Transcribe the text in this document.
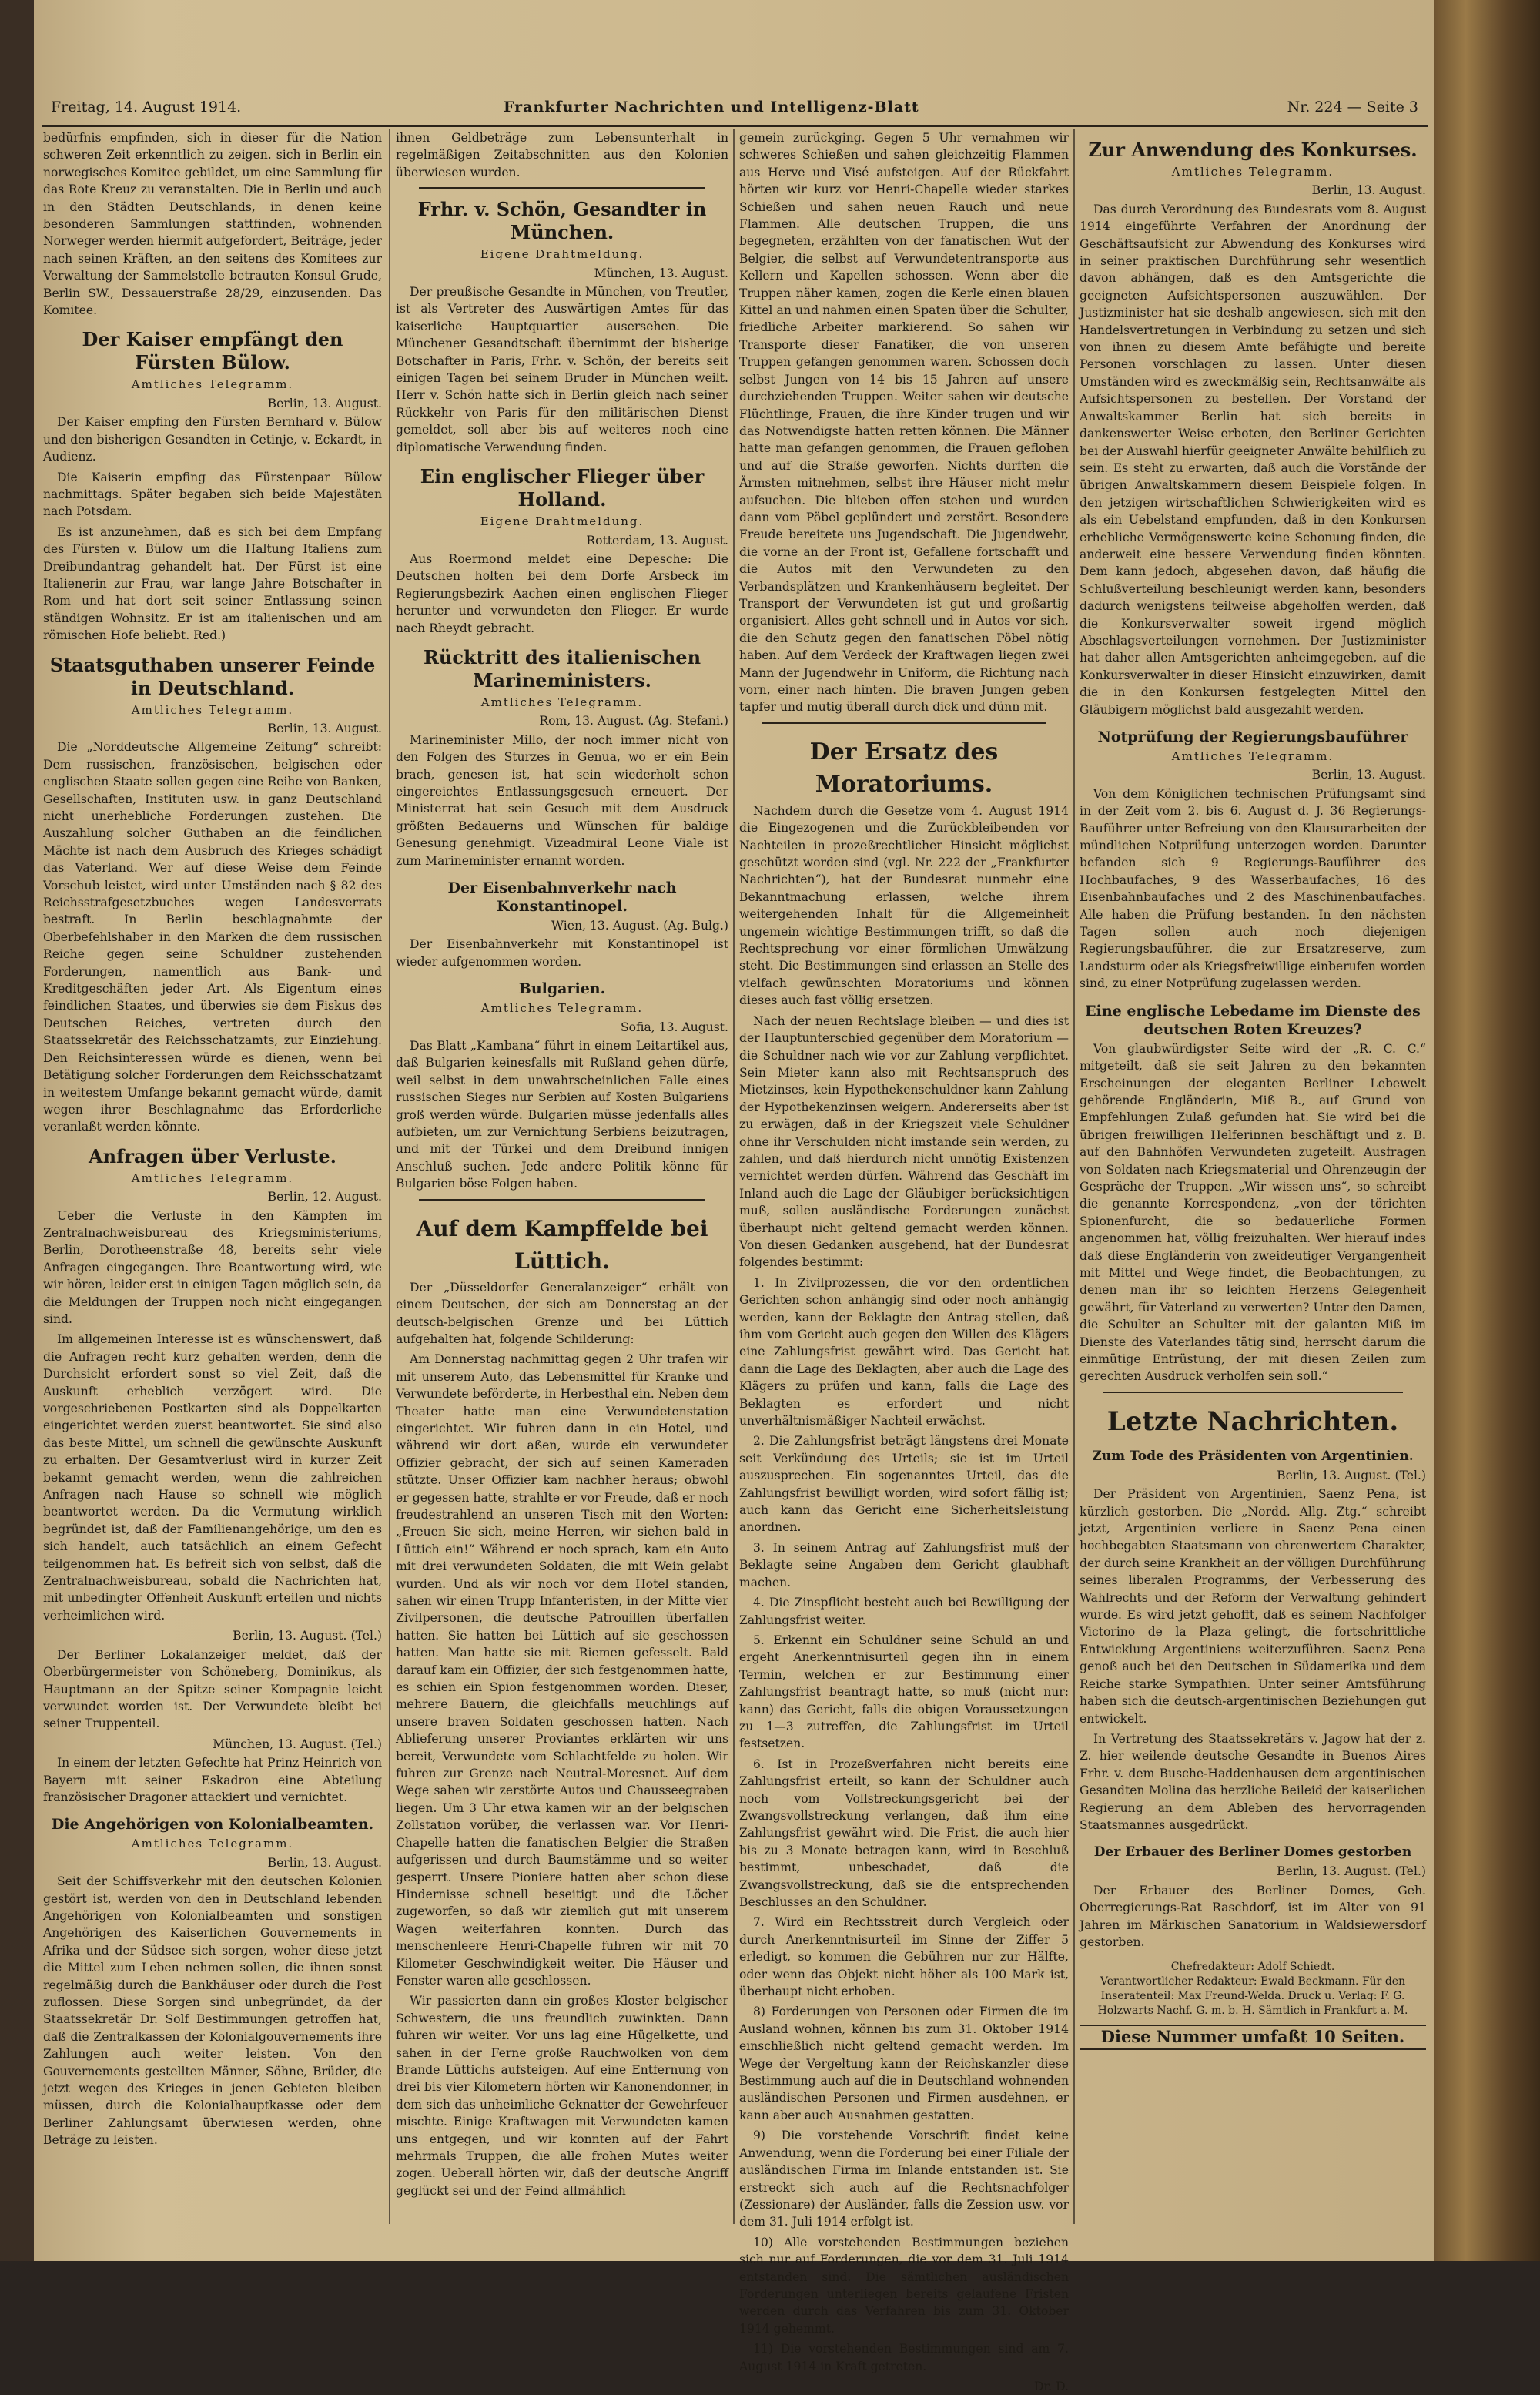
Freitag, 14. August 1914.	Frankfurter Nachrichten und Intelligenz-Blatt	Nr. 224 — Seite 3

bedürfnis empfinden, sich in dieser für die Nation schweren Zeit erkenntlich zu zeigen. sich in Berlin ein norwegisches Komitee gebildet, um eine Sammlung für das Rote Kreuz zu veranstalten. Die in Berlin und auch in den Städten Deutschlands, in denen keine besonderen Sammlungen stattfinden, wohnenden Norweger werden hiermit aufgefordert, Beiträge, jeder nach seinen Kräften, an den seitens des Komitees zur Verwaltung der Sammelstelle betrauten Konsul Grude, Berlin SW., Dessauerstraße 28/29, einzusenden. Das Komitee.

Der Kaiser empfängt den Fürsten Bülow.
Amtliches Telegramm.
Berlin, 13. August.

Der Kaiser empfing den Fürsten Bernhard v. Bülow und den bisherigen Gesandten in Cetinje, v. Eckardt, in Audienz.

Die Kaiserin empfing das Fürstenpaar Bülow nachmittags. Später begaben sich beide Majestäten nach Potsdam.

Es ist anzunehmen, daß es sich bei dem Empfang des Fürsten v. Bülow um die Haltung Italiens zum Dreibundantrag gehandelt hat. Der Fürst ist eine Italienerin zur Frau, war lange Jahre Botschafter in Rom und hat dort seit seiner Entlassung seinen ständigen Wohnsitz. Er ist am italienischen und am römischen Hofe beliebt. Red.)

Staatsguthaben unserer Feinde in Deutschland.
Amtliches Telegramm.
Berlin, 13. August.

Die „Norddeutsche Allgemeine Zeitung“ schreibt: Dem russischen, französischen, belgischen oder englischen Staate sollen gegen eine Reihe von Banken, Gesellschaften, Instituten usw. in ganz Deutschland nicht unerhebliche Forderungen zustehen. Die Auszahlung solcher Guthaben an die feindlichen Mächte ist nach dem Ausbruch des Krieges schädigt das Vaterland. Wer auf diese Weise dem Feinde Vorschub leistet, wird unter Umständen nach § 82 des Reichsstrafgesetzbuches wegen Landesverrats bestraft. In Berlin beschlagnahmte der Oberbefehlshaber in den Marken die dem russischen Reiche gegen seine Schuldner zustehenden Forderungen, namentlich aus Bank- und Kreditgeschäften jeder Art. Als Eigentum eines feindlichen Staates, und überwies sie dem Fiskus des Deutschen Reiches, vertreten durch den Staatssekretär des Reichsschatzamts, zur Einziehung. Den Reichsinteressen würde es dienen, wenn bei Betätigung solcher Forderungen dem Reichsschatzamt in weitestem Umfange bekannt gemacht würde, damit wegen ihrer Beschlagnahme das Erforderliche veranlaßt werden könnte.

Anfragen über Verluste.
Amtliches Telegramm.
Berlin, 12. August.

Ueber die Verluste in den Kämpfen im Zentralnachweisbureau des Kriegsministeriums, Berlin, Dorotheenstraße 48, bereits sehr viele Anfragen eingegangen. Ihre Beantwortung wird, wie wir hören, leider erst in einigen Tagen möglich sein, da die Meldungen der Truppen noch nicht eingegangen sind.

Im allgemeinen Interesse ist es wünschenswert, daß die Anfragen recht kurz gehalten werden, denn die Durchsicht erfordert sonst so viel Zeit, daß die Auskunft erheblich verzögert wird. Die vorgeschriebenen Postkarten sind als Doppelkarten eingerichtet werden zuerst beantwortet. Sie sind also das beste Mittel, um schnell die gewünschte Auskunft zu erhalten. Der Gesamtverlust wird in kurzer Zeit bekannt gemacht werden, wenn die zahlreichen Anfragen nach Hause so schnell wie möglich beantwortet werden. Da die Vermutung wirklich begründet ist, daß der Familienangehörige, um den es sich handelt, auch tatsächlich an einem Gefecht teilgenommen hat. Es befreit sich von selbst, daß die Zentralnachweisbureau, sobald die Nachrichten hat, mit unbedingter Offenheit Auskunft erteilen und nichts verheimlichen wird.

Berlin, 13. August. (Tel.)

Der Berliner Lokalanzeiger meldet, daß der Oberbürgermeister von Schöneberg, Dominikus, als Hauptmann an der Spitze seiner Kompagnie leicht verwundet worden ist. Der Verwundete bleibt bei seiner Truppenteil.

München, 13. August. (Tel.)

In einem der letzten Gefechte hat Prinz Heinrich von Bayern mit seiner Eskadron eine Abteilung französischer Dragoner attackiert und vernichtet.

Die Angehörigen von Kolonialbeamten.
Amtliches Telegramm.
Berlin, 13. August.

Seit der Schiffsverkehr mit den deutschen Kolonien gestört ist, werden von den in Deutschland lebenden Angehörigen von Kolonialbeamten und sonstigen Angehörigen des Kaiserlichen Gouvernements in Afrika und der Südsee sich sorgen, woher diese jetzt die Mittel zum Leben nehmen sollen, die ihnen sonst regelmäßig durch die Bankhäuser oder durch die Post zuflossen. Diese Sorgen sind unbegründet, da der Staatssekretär Dr. Solf Bestimmungen getroffen hat, daß die Zentralkassen der Kolonialgouvernements ihre Zahlungen auch weiter leisten. Von den Gouvernements gestellten Männer, Söhne, Brüder, die jetzt wegen des Krieges in jenen Gebieten bleiben müssen, durch die Kolonialhauptkasse oder dem Berliner Zahlungsamt überwiesen werden, ohne Beträge zu leisten.

ihnen Geldbeträge zum Lebensunterhalt in regelmäßigen Zeitabschnitten aus den Kolonien überwiesen wurden.

Frhr. v. Schön, Gesandter in München.
Eigene Drahtmeldung.
München, 13. August.

Der preußische Gesandte in München, von Treutler, ist als Vertreter des Auswärtigen Amtes für das kaiserliche Hauptquartier ausersehen. Die Münchener Gesandtschaft übernimmt der bisherige Botschafter in Paris, Frhr. v. Schön, der bereits seit einigen Tagen bei seinem Bruder in München weilt. Herr v. Schön hatte sich in Berlin gleich nach seiner Rückkehr von Paris für den militärischen Dienst gemeldet, soll aber bis auf weiteres noch eine diplomatische Verwendung finden.

Ein englischer Flieger über Holland.
Eigene Drahtmeldung.
Rotterdam, 13. August.

Aus Roermond meldet eine Depesche: Die Deutschen holten bei dem Dorfe Arsbeck im Regierungsbezirk Aachen einen englischen Flieger herunter und verwundeten den Flieger. Er wurde nach Rheydt gebracht.

Rücktritt des italienischen Marineministers.
Amtliches Telegramm.
Rom, 13. August. (Ag. Stefani.)

Marineminister Millo, der noch immer nicht von den Folgen des Sturzes in Genua, wo er ein Bein brach, genesen ist, hat sein wiederholt schon eingereichtes Entlassungsgesuch erneuert. Der Ministerrat hat sein Gesuch mit dem Ausdruck größten Bedauerns und Wünschen für baldige Genesung genehmigt. Vizeadmiral Leone Viale ist zum Marineminister ernannt worden.

Der Eisenbahnverkehr nach Konstantinopel.
Wien, 13. August. (Ag. Bulg.)

Der Eisenbahnverkehr mit Konstantinopel ist wieder aufgenommen worden.

Bulgarien.
Amtliches Telegramm.
Sofia, 13. August.

Das Blatt „Kambana“ führt in einem Leitartikel aus, daß Bulgarien keinesfalls mit Rußland gehen dürfe, weil selbst in dem unwahrscheinlichen Falle eines russischen Sieges nur Serbien auf Kosten Bulgariens groß werden würde. Bulgarien müsse jedenfalls alles aufbieten, um zur Vernichtung Serbiens beizutragen, und mit der Türkei und dem Dreibund innigen Anschluß suchen. Jede andere Politik könne für Bulgarien böse Folgen haben.

Auf dem Kampffelde bei Lüttich.

Der „Düsseldorfer Generalanzeiger“ erhält von einem Deutschen, der sich am Donnerstag an der deutsch-belgischen Grenze und bei Lüttich aufgehalten hat, folgende Schilderung:

Am Donnerstag nachmittag gegen 2 Uhr trafen wir mit unserem Auto, das Lebensmittel für Kranke und Verwundete beförderte, in Herbesthal ein. Neben dem Theater hatte man eine Verwundetenstation eingerichtet. Wir fuhren dann in ein Hotel, und während wir dort aßen, wurde ein verwundeter Offizier gebracht, der sich auf seinen Kameraden stützte. Unser Offizier kam nachher heraus; obwohl er gegessen hatte, strahlte er vor Freude, daß er noch freudestrahlend an unseren Tisch mit den Worten: „Freuen Sie sich, meine Herren, wir siehen bald in Lüttich ein!“ Während er noch sprach, kam ein Auto mit drei verwundeten Soldaten, die mit Wein gelabt wurden. Und als wir noch vor dem Hotel standen, sahen wir einen Trupp Infanteristen, in der Mitte vier Zivilpersonen, die deutsche Patrouillen überfallen hatten. Sie hatten bei Lüttich auf sie geschossen hatten. Man hatte sie mit Riemen gefesselt. Bald darauf kam ein Offizier, der sich festgenommen hatte, es schien ein Spion festgenommen worden. Dieser, mehrere Bauern, die gleichfalls meuchlings auf unsere braven Soldaten geschossen hatten. Nach Ablieferung unserer Proviantes erklärten wir uns bereit, Verwundete vom Schlachtfelde zu holen. Wir fuhren zur Grenze nach Neutral-Moresnet. Auf dem Wege sahen wir zerstörte Autos und Chausseegraben liegen. Um 3 Uhr etwa kamen wir an der belgischen Zollstation vorüber, die verlassen war. Vor Henri-Chapelle hatten die fanatischen Belgier die Straßen aufgerissen und durch Baumstämme und so weiter gesperrt. Unsere Pioniere hatten aber schon diese Hindernisse schnell beseitigt und die Löcher zugeworfen, so daß wir ziemlich gut mit unserem Wagen weiterfahren konnten. Durch das menschenleere Henri-Chapelle fuhren wir mit 70 Kilometer Geschwindigkeit weiter. Die Häuser und Fenster waren alle geschlossen.

Wir passierten dann ein großes Kloster belgischer Schwestern, die uns freundlich zuwinkten. Dann fuhren wir weiter. Vor uns lag eine Hügelkette, und sahen in der Ferne große Rauchwolken von dem Brande Lüttichs aufsteigen. Auf eine Entfernung von drei bis vier Kilometern hörten wir Kanonendonner, in dem sich das unheimliche Geknatter der Gewehrfeuer mischte. Einige Kraftwagen mit Verwundeten kamen uns entgegen, und wir konnten auf der Fahrt mehrmals Truppen, die alle frohen Mutes weiter zogen. Ueberall hörten wir, daß der deutsche Angriff geglückt sei und der Feind allmählich

gemein zurückging. Gegen 5 Uhr vernahmen wir schweres Schießen und sahen gleichzeitig Flammen aus Herve und Visé aufsteigen. Auf der Rückfahrt hörten wir kurz vor Henri-Chapelle wieder starkes Schießen und sahen neuen Rauch und neue Flammen. Alle deutschen Truppen, die uns begegneten, erzählten von der fanatischen Wut der Belgier, die selbst auf Verwundetentransporte aus Kellern und Kapellen schossen. Wenn aber die Truppen näher kamen, zogen die Kerle einen blauen Kittel an und nahmen einen Spaten über die Schulter, friedliche Arbeiter markierend. So sahen wir Transporte dieser Fanatiker, die von unseren Truppen gefangen genommen waren. Schossen doch selbst Jungen von 14 bis 15 Jahren auf unsere durchziehenden Truppen. Weiter sahen wir deutsche Flüchtlinge, Frauen, die ihre Kinder trugen und wir das Notwendigste hatten retten können. Die Männer hatte man gefangen genommen, die Frauen geflohen und auf die Straße geworfen. Nichts durften die Ärmsten mitnehmen, selbst ihre Häuser nicht mehr aufsuchen. Die blieben offen stehen und wurden dann vom Pöbel geplündert und zerstört. Besondere Freude bereitete uns Jugendschaft. Die Jugendwehr, die vorne an der Front ist, Gefallene fortschafft und die Autos mit den Verwundeten zu den Verbandsplätzen und Krankenhäusern begleitet. Der Transport der Verwundeten ist gut und großartig organisiert. Alles geht schnell und in Autos vor sich, die den Schutz gegen den fanatischen Pöbel nötig haben. Auf dem Verdeck der Kraftwagen liegen zwei Mann der Jugendwehr in Uniform, die Richtung nach vorn, einer nach hinten. Die braven Jungen geben tapfer und mutig überall durch dick und dünn mit.

Der Ersatz des Moratoriums.

Nachdem durch die Gesetze vom 4. August 1914 die Eingezogenen und die Zurückbleibenden vor Nachteilen in prozeßrechtlicher Hinsicht möglichst geschützt worden sind (vgl. Nr. 222 der „Frankfurter Nachrichten“), hat der Bundesrat nunmehr eine Bekanntmachung erlassen, welche ihrem weitergehenden Inhalt für die Allgemeinheit ungemein wichtige Bestimmungen trifft, so daß die Rechtsprechung vor einer förmlichen Umwälzung steht. Die Bestimmungen sind erlassen an Stelle des vielfach gewünschten Moratoriums und können dieses auch fast völlig ersetzen.

Nach der neuen Rechtslage bleiben — und dies ist der Hauptunterschied gegenüber dem Moratorium — die Schuldner nach wie vor zur Zahlung verpflichtet. Sein Mieter kann also mit Rechtsanspruch des Mietzinses, kein Hypothekenschuldner kann Zahlung der Hypothekenzinsen weigern. Andererseits aber ist zu erwägen, daß in der Kriegszeit viele Schuldner ohne ihr Verschulden nicht imstande sein werden, zu zahlen, und daß hierdurch nicht unnötig Existenzen vernichtet werden dürfen. Während das Geschäft im Inland auch die Lage der Gläubiger berücksichtigen muß, sollen ausländische Forderungen zunächst überhaupt nicht geltend gemacht werden können. Von diesen Gedanken ausgehend, hat der Bundesrat folgendes bestimmt:

1. In Zivilprozessen, die vor den ordentlichen Gerichten schon anhängig sind oder noch anhängig werden, kann der Beklagte den Antrag stellen, daß ihm vom Gericht auch gegen den Willen des Klägers eine Zahlungsfrist gewährt wird. Das Gericht hat dann die Lage des Beklagten, aber auch die Lage des Klägers zu prüfen und kann, falls die Lage des Beklagten es erfordert und nicht unverhältnismäßiger Nachteil erwächst.

2. Die Zahlungsfrist beträgt längstens drei Monate seit Verkündung des Urteils; sie ist im Urteil auszusprechen. Ein sogenanntes Urteil, das die Zahlungsfrist bewilligt worden, wird sofort fällig ist; auch kann das Gericht eine Sicherheitsleistung anordnen.

3. In seinem Antrag auf Zahlungsfrist muß der Beklagte seine Angaben dem Gericht glaubhaft machen.

4. Die Zinspflicht besteht auch bei Bewilligung der Zahlungsfrist weiter.

5. Erkennt ein Schuldner seine Schuld an und ergeht Anerkenntnisurteil gegen ihn in einem Termin, welchen er zur Bestimmung einer Zahlungsfrist beantragt hatte, so muß (nicht nur: kann) das Gericht, falls die obigen Voraussetzungen zu 1—3 zutreffen, die Zahlungsfrist im Urteil festsetzen.

6. Ist in Prozeßverfahren nicht bereits eine Zahlungsfrist erteilt, so kann der Schuldner auch noch vom Vollstreckungsgericht bei der Zwangsvollstreckung verlangen, daß ihm eine Zahlungsfrist gewährt wird. Die Frist, die auch hier bis zu 3 Monate betragen kann, wird in Beschluß bestimmt, unbeschadet, daß die Zwangsvollstreckung, daß sie die entsprechenden Beschlusses an den Schuldner.

7. Wird ein Rechtsstreit durch Vergleich oder durch Anerkenntnisurteil im Sinne der Ziffer 5 erledigt, so kommen die Gebühren nur zur Hälfte, oder wenn das Objekt nicht höher als 100 Mark ist, überhaupt nicht erhoben.

8) Forderungen von Personen oder Firmen die im Ausland wohnen, können bis zum 31. Oktober 1914 einschließlich nicht geltend gemacht werden. Im Wege der Vergeltung kann der Reichskanzler diese Bestimmung auch auf die in Deutschland wohnenden ausländischen Personen und Firmen ausdehnen, er kann aber auch Ausnahmen gestatten.

9) Die vorstehende Vorschrift findet keine Anwendung, wenn die Forderung bei einer Filiale der ausländischen Firma im Inlande entstanden ist. Sie erstreckt sich auch auf die Rechtsnachfolger (Zessionare) der Ausländer, falls die Zession usw. vor dem 31. Juli 1914 erfolgt ist.

10) Alle vorstehenden Bestimmungen beziehen sich nur auf Forderungen, die vor dem 31. Juli 1914 entstanden sind. Die sämtlichen ausländischen Forderungen unterliegen bereits gelaufene Fristen werden durch das Verfahren bis zum 31. Oktober 1914 gehemmt.

11) Die vorstehenden Bestimmungen sind am 7. August 1914 in Kraft getreten.

Dr. D.
Zur Anwendung des Konkurses.
Amtliches Telegramm.
Berlin, 13. August.

Das durch Verordnung des Bundesrats vom 8. August 1914 eingeführte Verfahren der Anordnung der Geschäftsaufsicht zur Abwendung des Konkurses wird in seiner praktischen Durchführung sehr wesentlich davon abhängen, daß es den Amtsgerichte die geeigneten Aufsichtspersonen auszuwählen. Der Justizminister hat sie deshalb angewiesen, sich mit den Handelsvertretungen in Verbindung zu setzen und sich von ihnen zu diesem Amte befähigte und bereite Personen vorschlagen zu lassen. Unter diesen Umständen wird es zweckmäßig sein, Rechtsanwälte als Aufsichtspersonen zu bestellen. Der Vorstand der Anwaltskammer Berlin hat sich bereits in dankenswerter Weise erboten, den Berliner Gerichten bei der Auswahl hierfür geeigneter Anwälte behilflich zu sein. Es steht zu erwarten, daß auch die Vorstände der übrigen Anwaltskammern diesem Beispiele folgen. In den jetzigen wirtschaftlichen Schwierigkeiten wird es als ein Uebelstand empfunden, daß in den Konkursen erhebliche Vermögenswerte keine Schonung finden, die anderweit eine bessere Verwendung finden könnten. Dem kann jedoch, abgesehen davon, daß häufig die Schlußverteilung beschleunigt werden kann, besonders dadurch wenigstens teilweise abgeholfen werden, daß die Konkursverwalter soweit irgend möglich Abschlagsverteilungen vornehmen. Der Justizminister hat daher allen Amtsgerichten anheimgegeben, auf die Konkursverwalter in dieser Hinsicht einzuwirken, damit die in den Konkursen festgelegten Mittel den Gläubigern möglichst bald ausgezahlt werden.

Notprüfung der Regierungsbauführer
Amtliches Telegramm.
Berlin, 13. August.

Von dem Königlichen technischen Prüfungsamt sind in der Zeit vom 2. bis 6. August d. J. 36 Regierungs-Bauführer unter Befreiung von den Klausurarbeiten der mündlichen Notprüfung unterzogen worden. Darunter befanden sich 9 Regierungs-Bauführer des Hochbaufaches, 9 des Wasserbaufaches, 16 des Eisenbahnbaufaches und 2 des Maschinenbaufaches. Alle haben die Prüfung bestanden. In den nächsten Tagen sollen auch noch diejenigen Regierungsbauführer, die zur Ersatzreserve, zum Landsturm oder als Kriegsfreiwillige einberufen worden sind, zu einer Notprüfung zugelassen werden.

Eine englische Lebedame im Dienste des deutschen Roten Kreuzes?

Von glaubwürdigster Seite wird der „R. C. C.“ mitgeteilt, daß sie seit Jahren zu den bekannten Erscheinungen der eleganten Berliner Lebewelt gehörende Engländerin, Miß B., auf Grund von Empfehlungen Zulaß gefunden hat. Sie wird bei die übrigen freiwilligen Helferinnen beschäftigt und z. B. auf den Bahnhöfen Verwundeten zugeteilt. Ausfragen von Soldaten nach Kriegsmaterial und Ohrenzeugin der Gespräche der Truppen. „Wir wissen uns“, so schreibt die genannte Korrespondenz, „von der törichten Spionenfurcht, die so bedauerliche Formen angenommen hat, völlig freizuhalten. Wer hierauf indes daß diese Engländerin von zweideutiger Vergangenheit mit Mittel und Wege findet, die Beobachtungen, zu denen man ihr so leichten Herzens Gelegenheit gewährt, für Vaterland zu verwerten? Unter den Damen, die Schulter an Schulter mit der galanten Miß im Dienste des Vaterlandes tätig sind, herrscht darum die einmütige Entrüstung, der mit diesen Zeilen zum gerechten Ausdruck verholfen sein soll.“

Letzte Nachrichten.
Zum Tode des Präsidenten von Argentinien.
Berlin, 13. August. (Tel.)

Der Präsident von Argentinien, Saenz Pena, ist kürzlich gestorben. Die „Nordd. Allg. Ztg.“ schreibt jetzt, Argentinien verliere in Saenz Pena einen hochbegabten Staatsmann von ehrenwertem Charakter, der durch seine Krankheit an der völligen Durchführung seines liberalen Programms, der Verbesserung des Wahlrechts und der Reform der Verwaltung gehindert wurde. Es wird jetzt gehofft, daß es seinem Nachfolger Victorino de la Plaza gelingt, die fortschrittliche Entwicklung Argentiniens weiterzuführen. Saenz Pena genoß auch bei den Deutschen in Südamerika und dem Reiche starke Sympathien. Unter seiner Amtsführung haben sich die deutsch-argentinischen Beziehungen gut entwickelt.

In Vertretung des Staatssekretärs v. Jagow hat der z. Z. hier weilende deutsche Gesandte in Buenos Aires Frhr. v. dem Busche-Haddenhausen dem argentinischen Gesandten Molina das herzliche Beileid der kaiserlichen Regierung an dem Ableben des hervorragenden Staatsmannes ausgedrückt.

Der Erbauer des Berliner Domes gestorben
Berlin, 13. August. (Tel.)

Der Erbauer des Berliner Domes, Geh. Oberregierungs-Rat Raschdorf, ist im Alter von 91 Jahren im Märkischen Sanatorium in Waldsiewersdorf gestorben.

Chefredakteur: Adolf Schiedt.
Verantwortlicher Redakteur: Ewald Beckmann. Für den Inseratenteil: Max Freund-Welda. Druck u. Verlag: F. G. Holzwarts Nachf. G. m. b. H. Sämtlich in Frankfurt a. M.
Diese Nummer umfaßt 10 Seiten.
